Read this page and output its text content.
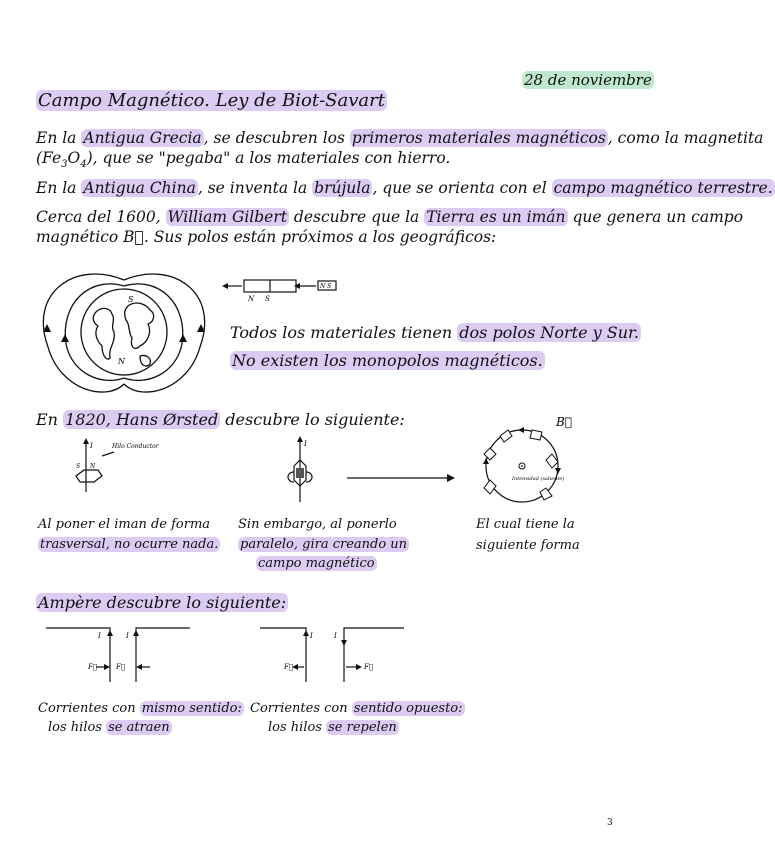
28 de noviembre
Campo Magnético. Ley de Biot-Savart
En la Antigua Grecia , se descubren los primeros materiales magnéticos , como la magnetita
$(Fe_3O_4)$, que se "pegaba" a los materiales con hierro.
En la Antigua China , se inventa la brújula , que se orienta con el campo magnético terrestre.
Cerca del 1600, William Gilbert descubre que la Tierra es un imán que genera un campo
magnético B⃗. Sus polos están próximos a los geográficos:
S
N
N S
N S
Todos los materiales tienen dos polos Norte y Sur.
No existen los monopolos magnéticos.
En 1820, Hans Ørsted descubre lo siguiente:
I	Hilo Conductor
S N
I
B⃗
Intensidad (saliente)
Al poner el iman de forma
trasversal, no ocurre nada.
Sin embargo, al ponerlo
paralelo, gira creando un
campo magnético
El cual tiene la
siguiente forma
Ampère descubre lo siguiente:
I	I
F⃗	F⃗
I	I
F⃗	F⃗
Corrientes con mismo sentido:
los hilos se atraen
Corrientes con sentido opuesto:
los hilos se repelen
3
